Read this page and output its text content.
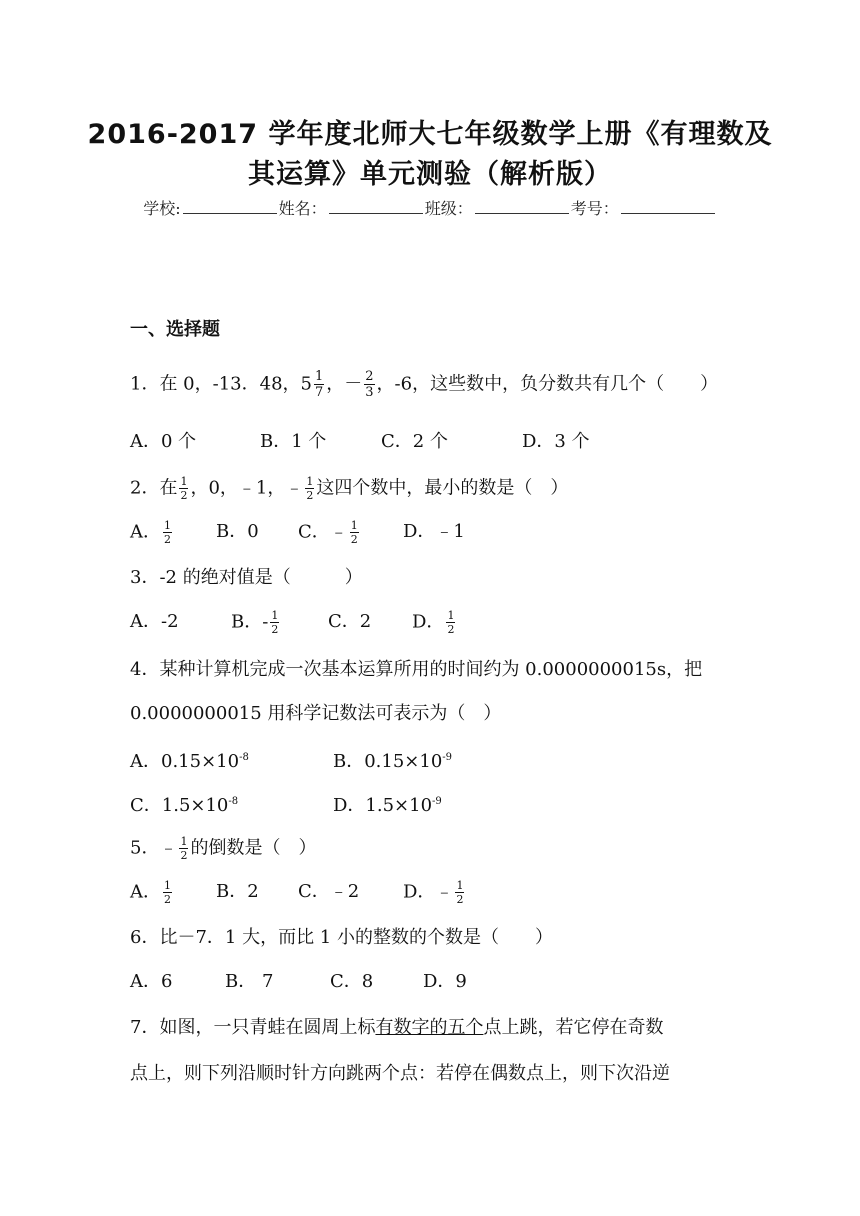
2016-2017 学年度北师大七年级数学上册《有理数及
其运算》单元测验（解析版）
学校:	姓名：	班级：	考号：
一、选择题
1．在 0，-13．48，$5 \frac{1}{7}$ ，－ $\frac{2}{3}$ ，-6，这些数中，负分数共有几个（　　）
A．0 个	B．1 个	C．2 个	D．3 个
2．在 $\frac{1}{2}$ ，0，﹣1，﹣ $\frac{1}{2}$ 这四个数中，最小的数是（　）
A． $\frac{1}{2}$ B．0 C．﹣ $\frac{1}{2}$ D．﹣1
3．-2 的绝对值是（　　　）
A．-2	B．- $\frac{1}{2}$	C．2 D． $\frac{1}{2}$
4．某种计算机完成一次基本运算所用的时间约为 0.0000000015s，把
0.0000000015 用科学记数法可表示为（　）
A．$0.15\times 10^{-8}$	B．$0.15\times 10^{-9}$
C．$1.5\times 10^{-8}$	D．$1.5\times 10^{-9}$
5．﹣ $\frac{1}{2}$ 的倒数是（　）
A． $\frac{1}{2}$ B．2 C．﹣2 D．﹣ $\frac{1}{2}$
6．比－7．1 大，而比 1 小的整数的个数是（　　）
A．6	B． 7	C．8	D．9
7．如图，一只青蛙在圆周上标有数字的五个点上跳，若它停在奇数
点上，则下列沿顺时针方向跳两个点：若停在偶数点上，则下次沿逆
